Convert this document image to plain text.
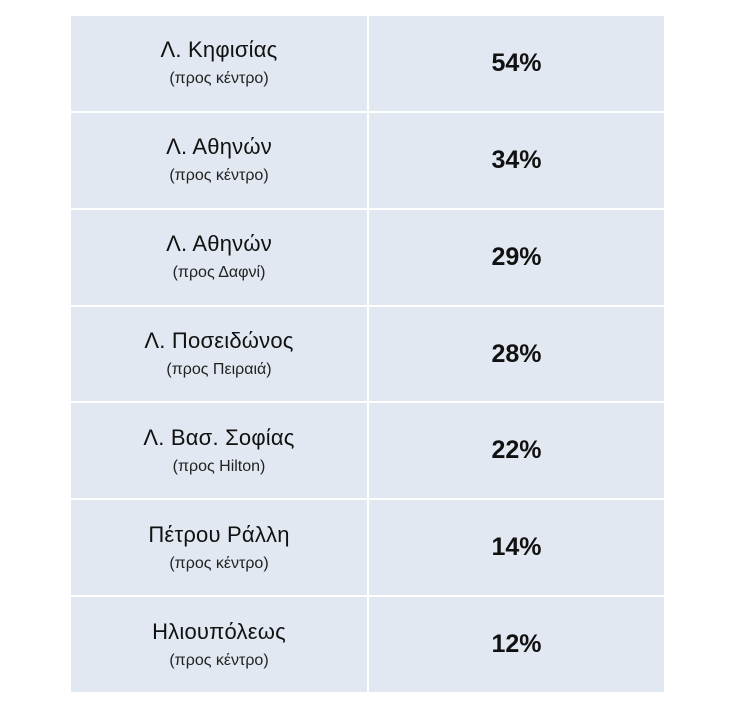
Λ. Κηφισίας
(προς κέντρο)
54%
Λ. Αθηνών
(προς κέντρο)
34%
Λ. Αθηνών
(προς Δαφνί)
29%
Λ. Ποσειδώνος
(προς Πειραιά)
28%
Λ. Βασ. Σοφίας
(προς Hilton)
22%
Πέτρου Ράλλη
(προς κέντρο)
14%
Ηλιουπόλεως
(προς κέντρο)
12%
